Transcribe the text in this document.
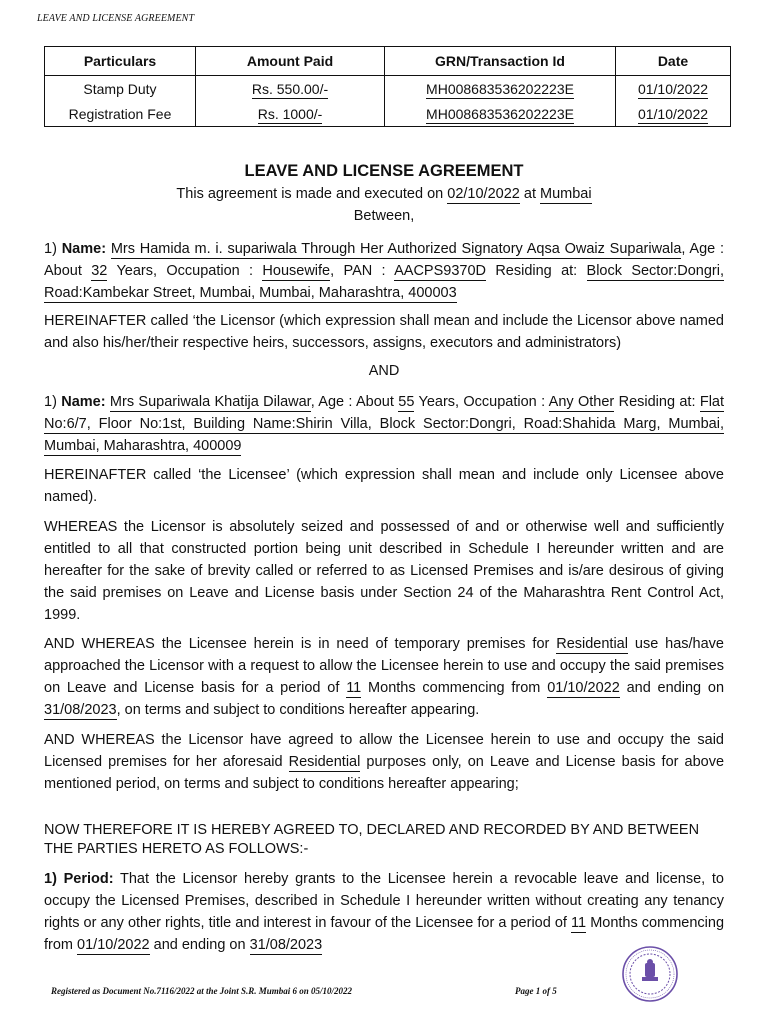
LEAVE AND LICENSE AGREEMENT
Particulars	Amount Paid	GRN/Transaction Id	Date
Stamp Duty	Rs. 550.00/-	MH008683536202223E	01/10/2022
Registration Fee	Rs. 1000/-	MH008683536202223E	01/10/2022
LEAVE AND LICENSE AGREEMENT
This agreement is made and executed on 02/10/2022 at Mumbai
Between,
1) Name: Mrs Hamida m. i. supariwala Through Her Authorized Signatory Aqsa Owaiz Supariwala, Age : About 32 Years, Occupation : Housewife, PAN : AACPS9370D Residing at: Block Sector:Dongri, Road:Kambekar Street, Mumbai, Mumbai, Maharashtra, 400003
HEREINAFTER called ‘the Licensor (which expression shall mean and include the Licensor above named and also his/her/their respective heirs, successors, assigns, executors and administrators)
AND
1) Name: Mrs Supariwala Khatija Dilawar, Age : About 55 Years, Occupation : Any Other Residing at: Flat No:6/7, Floor No:1st, Building Name:Shirin Villa, Block Sector:Dongri, Road:Shahida Marg, Mumbai, Mumbai, Maharashtra, 400009
HEREINAFTER called ‘the Licensee’ (which expression shall mean and include only Licensee above named).
WHEREAS the Licensor is absolutely seized and possessed of and or otherwise well and sufficiently entitled to all that constructed portion being unit described in Schedule I hereunder written and are hereafter for the sake of brevity called or referred to as Licensed Premises and is/are desirous of giving the said premises on Leave and License basis under Section 24 of the Maharashtra Rent Control Act, 1999.
AND WHEREAS the Licensee herein is in need of temporary premises for Residential use has/have approached the Licensor with a request to allow the Licensee herein to use and occupy the said premises on Leave and License basis for a period of 11 Months commencing from 01/10/2022 and ending on 31/08/2023, on terms and subject to conditions hereafter appearing.
AND WHEREAS the Licensor have agreed to allow the Licensee herein to use and occupy the said Licensed premises for her aforesaid Residential purposes only, on Leave and License basis for above mentioned period, on terms and subject to conditions hereafter appearing;
NOW THEREFORE IT IS HEREBY AGREED TO, DECLARED AND RECORDED BY AND BETWEEN THE PARTIES HERETO AS FOLLOWS:-
1) Period: That the Licensor hereby grants to the Licensee herein a revocable leave and license, to occupy the Licensed Premises, described in Schedule I hereunder written without creating any tenancy rights or any other rights, title and interest in favour of the Licensee for a period of 11 Months commencing from 01/10/2022 and ending on 31/08/2023
Registered as Document No.7116/2022 at the Joint S.R. Mumbai 6 on 05/10/2022	Page 1 of 5
